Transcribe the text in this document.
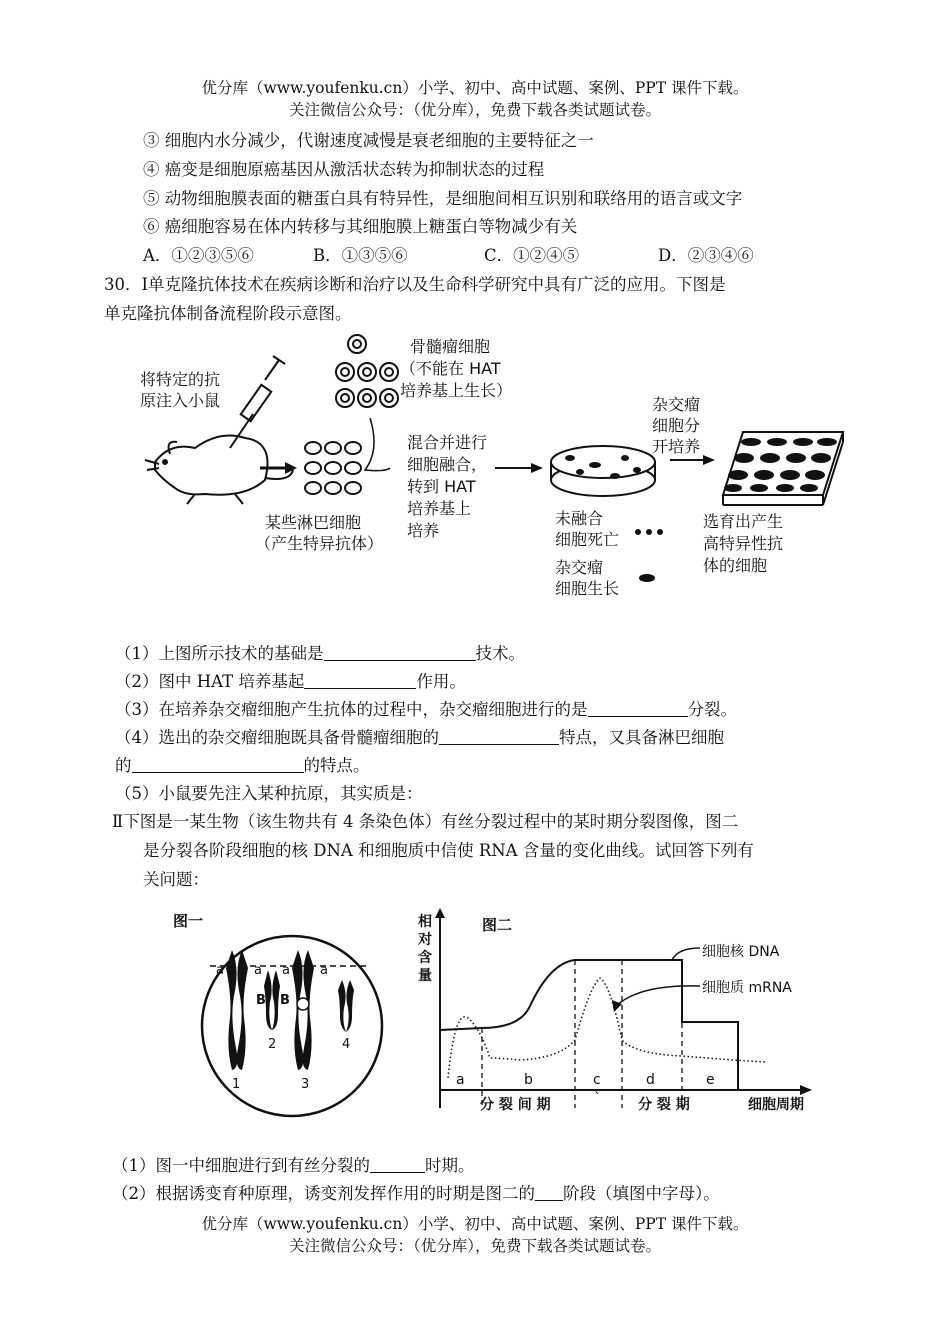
优分库（www.youfenku.cn）小学、初中、高中试题、案例、PPT 课件下载。
关注微信公众号：（优分库），免费下载各类试题试卷。
③ 细胞内水分减少，代谢速度减慢是衰老细胞的主要特征之一
④ 癌变是细胞原癌基因从激活状态转为抑制状态的过程
⑤ 动物细胞膜表面的糖蛋白具有特异性，是细胞间相互识别和联络用的语言或文字
⑥ 癌细胞容易在体内转移与其细胞膜上糖蛋白等物减少有关
A．①②③⑤⑥	B．①③⑤⑥	C．①②④⑤	D．②③④⑥
30．Ⅰ单克隆抗体技术在疾病诊断和治疗以及生命科学研究中具有广泛的应用。下图是
单克隆抗体制备流程阶段示意图。
将特定的抗
原注入小鼠
某些淋巴细胞
（产生特异抗体）
骨髓瘤细胞
（不能在 HAT
培养基上生长）
混合并进行
细胞融合，
转到 HAT
培养基上
培养
未融合
细胞死亡
杂交瘤
细胞生长
杂交瘤
细胞分
开培养
选育出产生
高特异性抗
体的细胞
（1）上图所示技术的基础是	技术。
（2）图中 HAT 培养基起	作用。
（3）在培养杂交瘤细胞产生抗体的过程中，杂交瘤细胞进行的是	分裂。
（4）选出的杂交瘤细胞既具备骨髓瘤细胞的	特点，又具备淋巴细胞
的	的特点。
（5）小鼠要先注入某种抗原，其实质是：
Ⅱ下图是一某生物（该生物共有 4 条染色体）有丝分裂过程中的某时期分裂图像，图二
是分裂各阶段细胞的核 DNA 和细胞质中信使 RNA 含量的变化曲线。试回答下列有
关问题：
图一
a a a a
B B
1
2
3
4
相
对
含
量
图二
细胞核 DNA
细胞质 mRNA
a	b	c	d	e
分 裂 间 期	`	分 裂 期	细胞周期
（1）图一中细胞进行到有丝分裂的	时期。
（2）根据诱变育种原理，诱变剂发挥作用的时期是图二的 阶段（填图中字母）。
优分库（www.youfenku.cn）小学、初中、高中试题、案例、PPT 课件下载。
关注微信公众号：（优分库），免费下载各类试题试卷。
